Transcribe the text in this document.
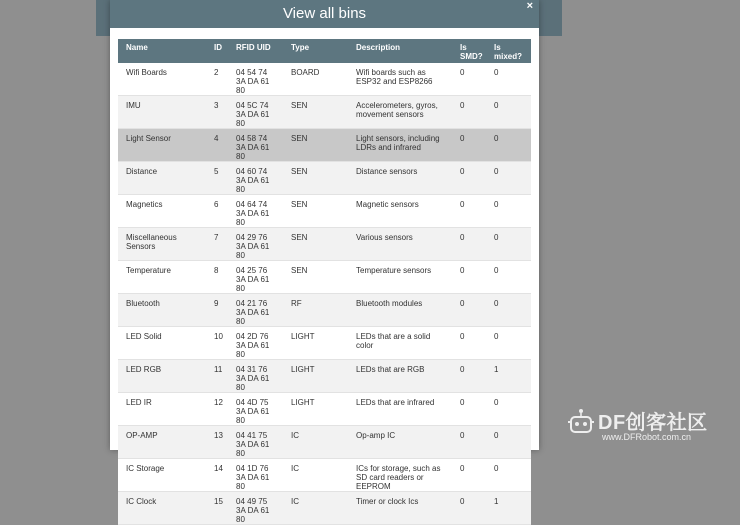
View all bins	×
Name	ID	RFID UID	Type	Description	Is SMD?	Is mixed?
Wifi Boards	2	04 54 74 3A DA 61 80	BOARD	Wifi boards such as ESP32 and ESP8266	0	0
IMU	3	04 5C 74 3A DA 61 80	SEN	Accelerometers, gyros, movement sensors	0	0
Light Sensor	4	04 58 74 3A DA 61 80	SEN	Light sensors, including LDRs and infrared	0	0
Distance	5	04 60 74 3A DA 61 80	SEN	Distance sensors	0	0
Magnetics	6	04 64 74 3A DA 61 80	SEN	Magnetic sensors	0	0
Miscellaneous Sensors	7	04 29 76 3A DA 61 80	SEN	Various sensors	0	0
Temperature	8	04 25 76 3A DA 61 80	SEN	Temperature sensors	0	0
Bluetooth	9	04 21 76 3A DA 61 80	RF	Bluetooth modules	0	0
LED Solid	10	04 2D 76 3A DA 61 80	LIGHT	LEDs that are a solid color	0	0
LED RGB	11	04 31 76 3A DA 61 80	LIGHT	LEDs that are RGB	0	1
LED IR	12	04 4D 75 3A DA 61 80	LIGHT	LEDs that are infrared	0	0
OP-AMP	13	04 41 75 3A DA 61 80	IC	Op-amp IC	0	0
IC Storage	14	04 1D 76 3A DA 61 80	IC	ICs for storage, such as SD card readers or EEPROM	0	0
IC Clock	15	04 49 75 3A DA 61 80	IC	Timer or clock Ics	0	1
DF创客社区
www.DFRobot.com.cn
